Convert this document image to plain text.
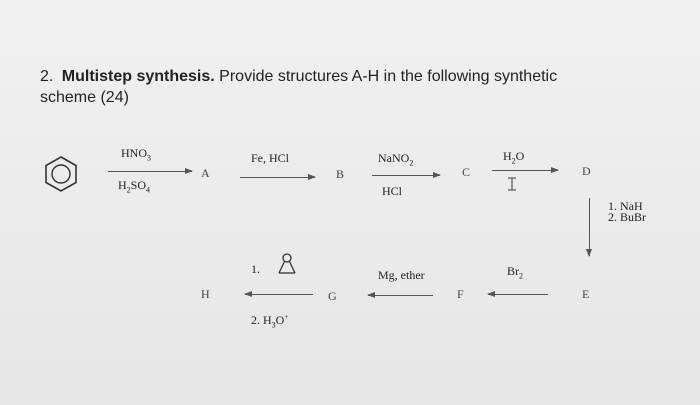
2. Multistep synthesis. Provide structures A-H in the following synthetic scheme (24)
$HNO_3$
$H_2SO_4$
A
Fe, HCl
B
NaNO$_2$
HCl
C
$H_2O$
D
1. NaH
2. BuBr
E
$Br_2$
F
Mg, ether
G
1.
2. $H_3O^+$
H
